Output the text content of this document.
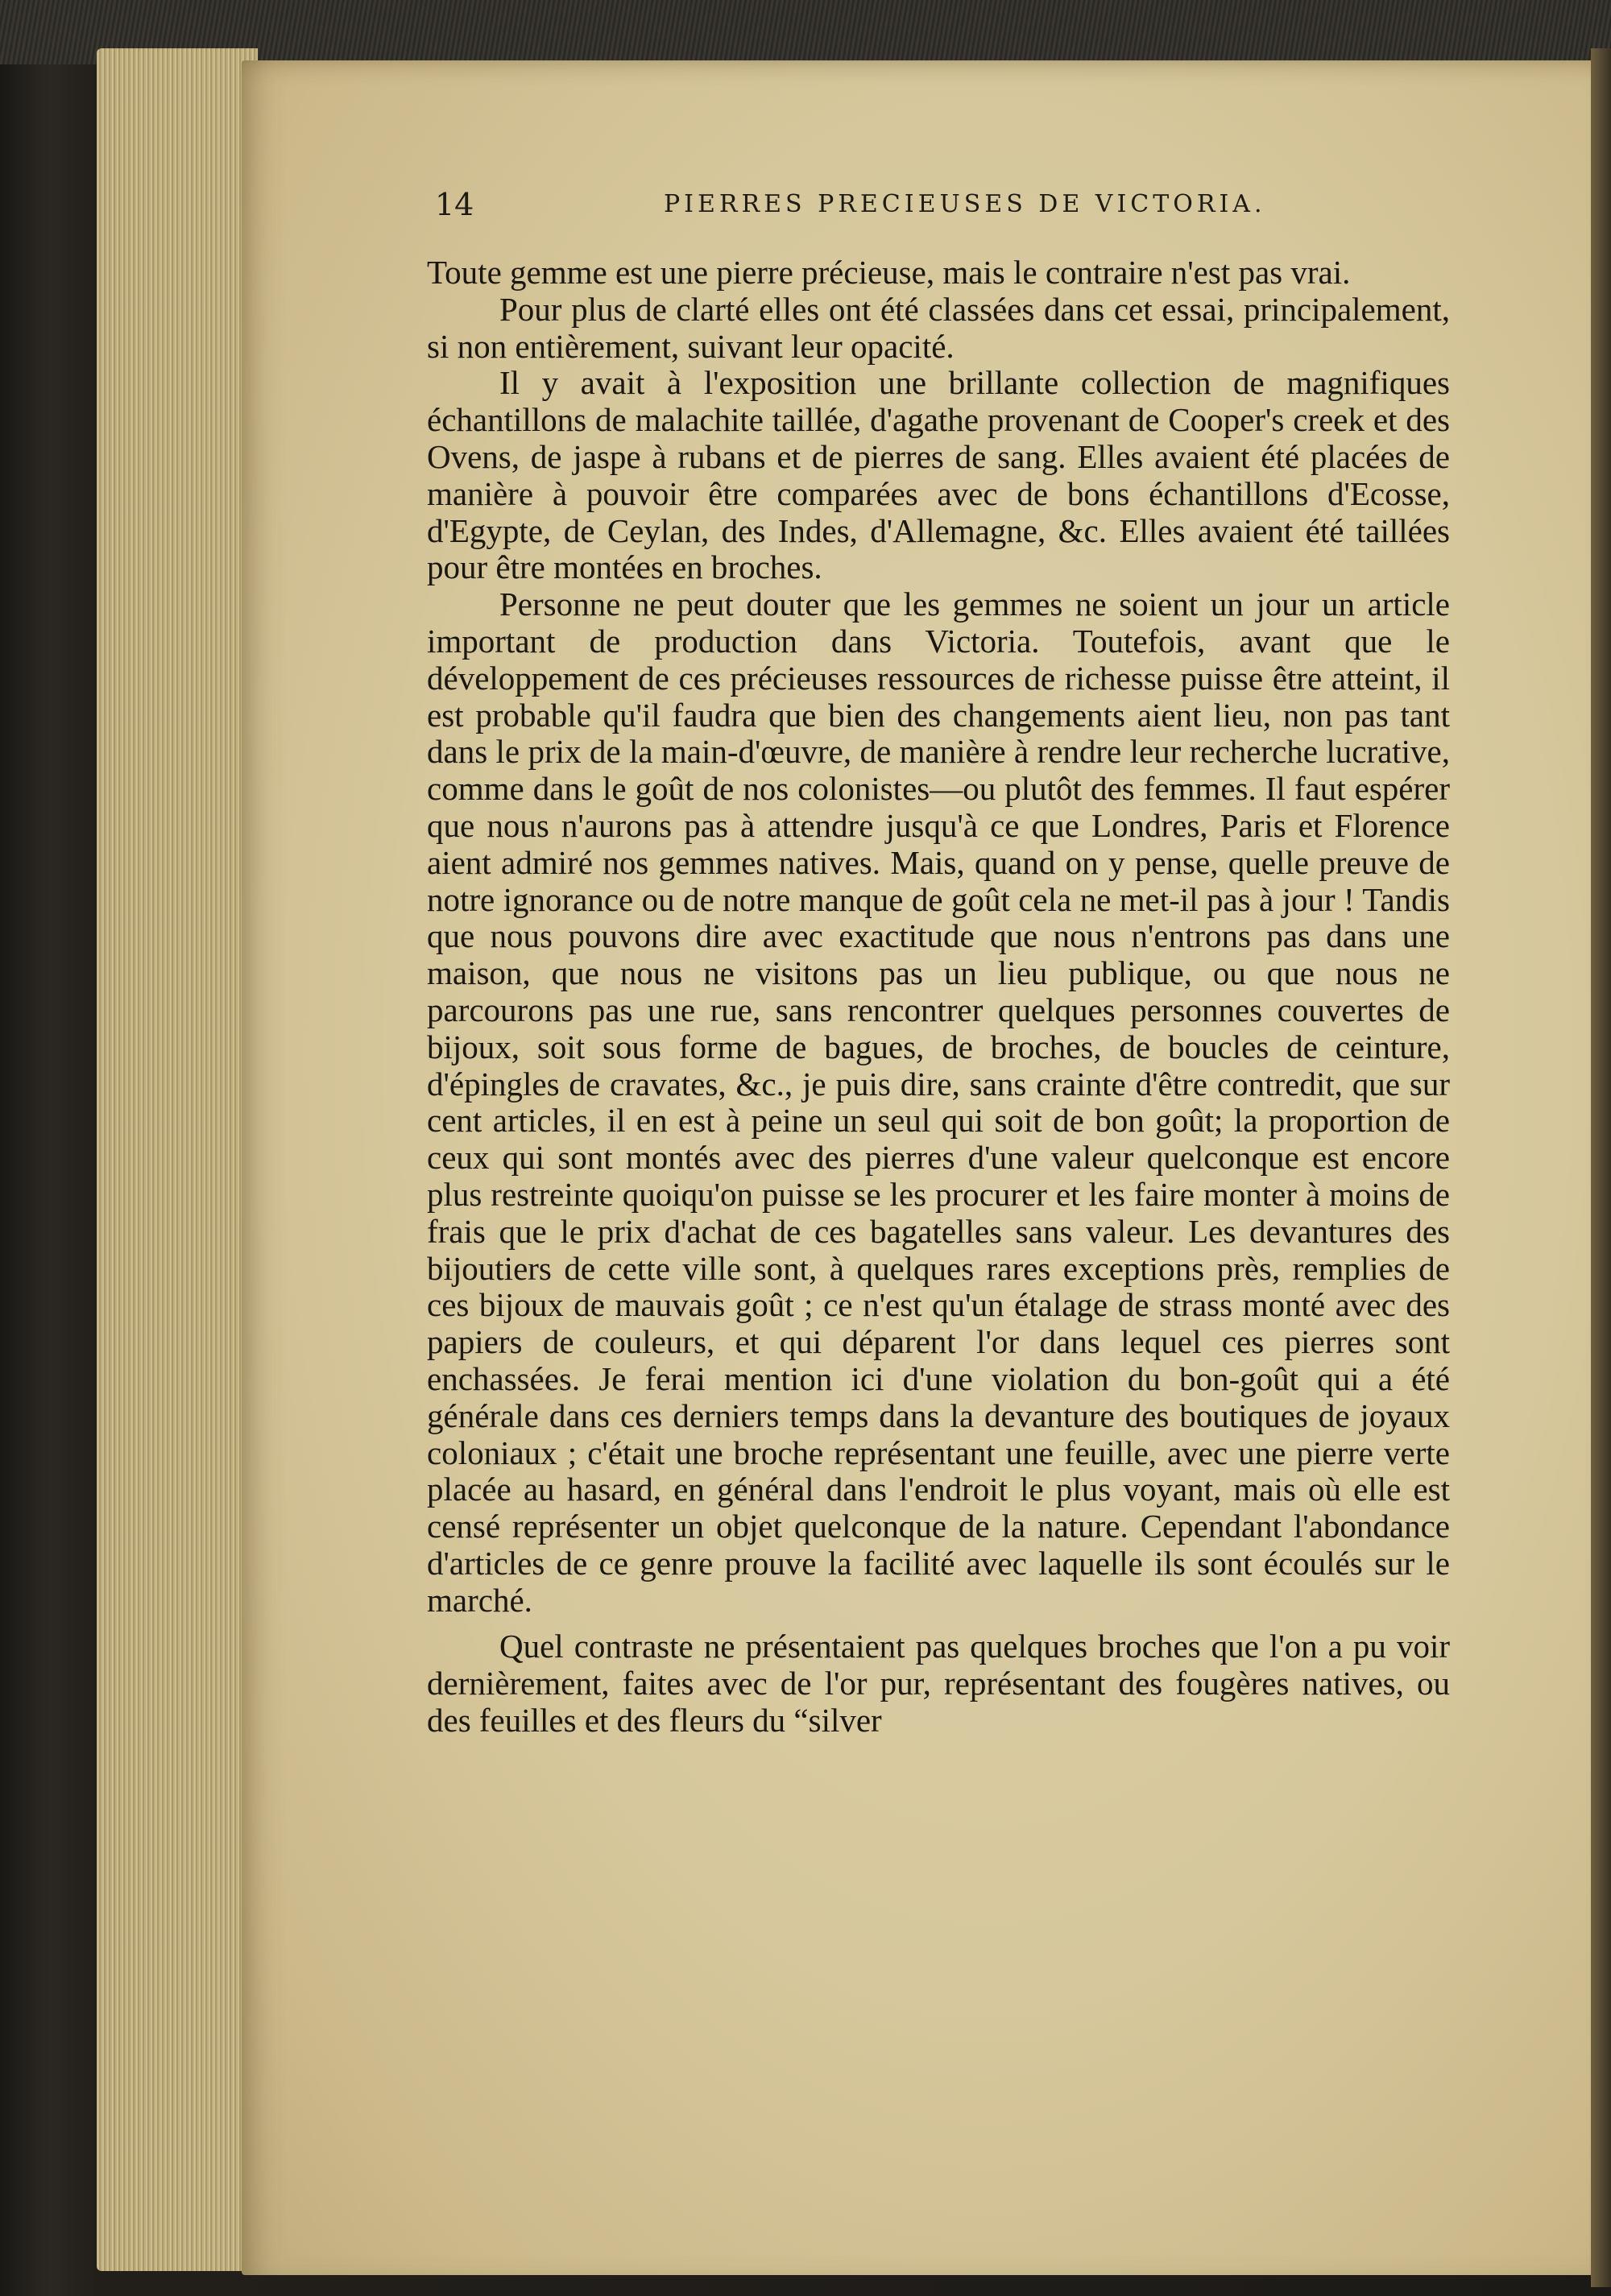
14	PIERRES PRECIEUSES DE VICTORIA.

Toute gemme est une pierre précieuse, mais le contraire n'est pas vrai.

Pour plus de clarté elles ont été classées dans cet essai, principalement, si non entièrement, suivant leur opacité.

Il y avait à l'exposition une brillante collection de magnifiques échantillons de malachite taillée, d'agathe provenant de Cooper's creek et des Ovens, de jaspe à rubans et de pierres de sang. Elles avaient été placées de manière à pouvoir être comparées avec de bons échantillons d'Ecosse, d'Egypte, de Ceylan, des Indes, d'Allemagne, &c. Elles avaient été taillées pour être montées en broches.

Personne ne peut douter que les gemmes ne soient un jour un article important de production dans Victoria. Toutefois, avant que le développement de ces précieuses ressources de richesse puisse être atteint, il est probable qu'il faudra que bien des changements aient lieu, non pas tant dans le prix de la main-d'œuvre, de manière à rendre leur recherche lucrative, comme dans le goût de nos colonistes—ou plutôt des femmes. Il faut espérer que nous n'aurons pas à attendre jusqu'à ce que Londres, Paris et Florence aient admiré nos gemmes natives. Mais, quand on y pense, quelle preuve de notre ignorance ou de notre manque de goût cela ne met-il pas à jour ! Tandis que nous pouvons dire avec exactitude que nous n'entrons pas dans une maison, que nous ne visitons pas un lieu publique, ou que nous ne parcourons pas une rue, sans rencontrer quelques personnes couvertes de bijoux, soit sous forme de bagues, de broches, de boucles de ceinture, d'épingles de cravates, &c., je puis dire, sans crainte d'être contredit, que sur cent articles, il en est à peine un seul qui soit de bon goût; la proportion de ceux qui sont montés avec des pierres d'une valeur quelconque est encore plus restreinte quoiqu'on puisse se les procurer et les faire monter à moins de frais que le prix d'achat de ces bagatelles sans valeur. Les devantures des bijoutiers de cette ville sont, à quelques rares exceptions près, remplies de ces bijoux de mauvais goût ; ce n'est qu'un étalage de strass monté avec des papiers de couleurs, et qui déparent l'or dans lequel ces pierres sont enchassées. Je ferai mention ici d'une violation du bon-goût qui a été générale dans ces derniers temps dans la devanture des boutiques de joyaux coloniaux ; c'était une broche représentant une feuille, avec une pierre verte placée au hasard, en général dans l'endroit le plus voyant, mais où elle est censé représenter un objet quelconque de la nature. Cependant l'abondance d'articles de ce genre prouve la facilité avec laquelle ils sont écoulés sur le marché.

Quel contraste ne présentaient pas quelques broches que l'on a pu voir dernièrement, faites avec de l'or pur, représentant des fougères natives, ou des feuilles et des fleurs du “silver
